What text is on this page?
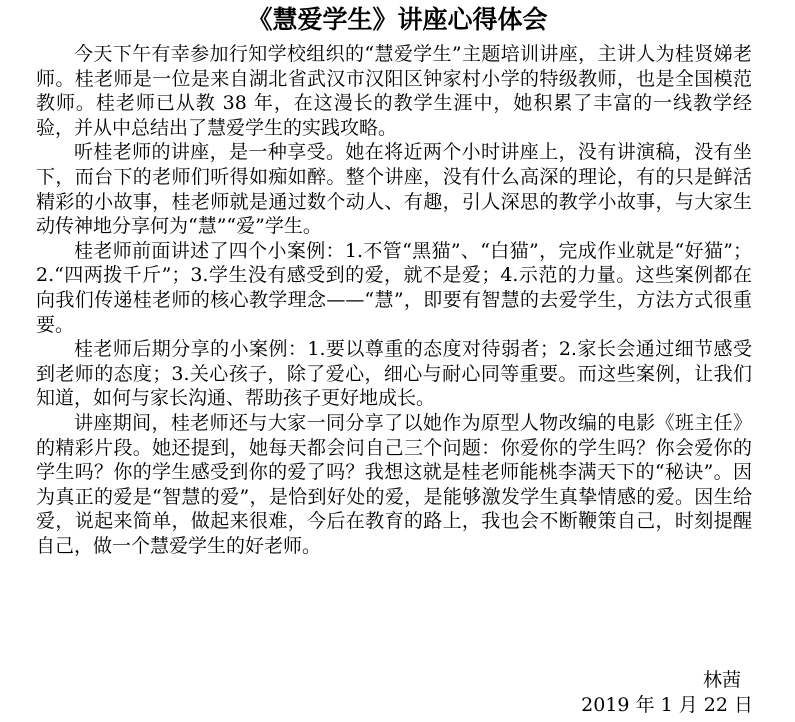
《慧爱学生》讲座心得体会

今天下午有幸参加行知学校组织的“慧爱学生”主题培训讲座，主讲人为桂贤娣老师。桂老师是一位是来自湖北省武汉市汉阳区钟家村小学的特级教师，也是全国模范教师。桂老师已从教 38 年，在这漫长的教学生涯中，她积累了丰富的一线教学经验，并从中总结出了慧爱学生的实践攻略。

听桂老师的讲座，是一种享受。她在将近两个小时讲座上，没有讲演稿，没有坐下，而台下的老师们听得如痴如醉。整个讲座，没有什么高深的理论，有的只是鲜活精彩的小故事，桂老师就是通过数个动人、有趣，引人深思的教学小故事，与大家生动传神地分享何为“慧”“爱”学生。

桂老师前面讲述了四个小案例：1.不管“黑猫”、“白猫”，完成作业就是“好猫”；2.“四两拨千斤”；3.学生没有感受到的爱，就不是爱；4.示范的力量。这些案例都在向我们传递桂老师的核心教学理念——“慧”，即要有智慧的去爱学生，方法方式很重要。

桂老师后期分享的小案例：1.要以尊重的态度对待弱者；2.家长会通过细节感受到老师的态度；3.关心孩子，除了爱心，细心与耐心同等重要。而这些案例，让我们知道，如何与家长沟通、帮助孩子更好地成长。

讲座期间，桂老师还与大家一同分享了以她作为原型人物改编的电影《班主任》的精彩片段。她还提到，她每天都会问自己三个问题：你爱你的学生吗？你会爱你的学生吗？你的学生感受到你的爱了吗？我想这就是桂老师能桃李满天下的“秘诀”。因为真正的爱是“智慧的爱”，是恰到好处的爱，是能够激发学生真挚情感的爱。因生给爱，说起来简单，做起来很难，今后在教育的路上，我也会不断鞭策自己，时刻提醒自己，做一个慧爱学生的好老师。

林茜
2019 年 1 月 22 日
